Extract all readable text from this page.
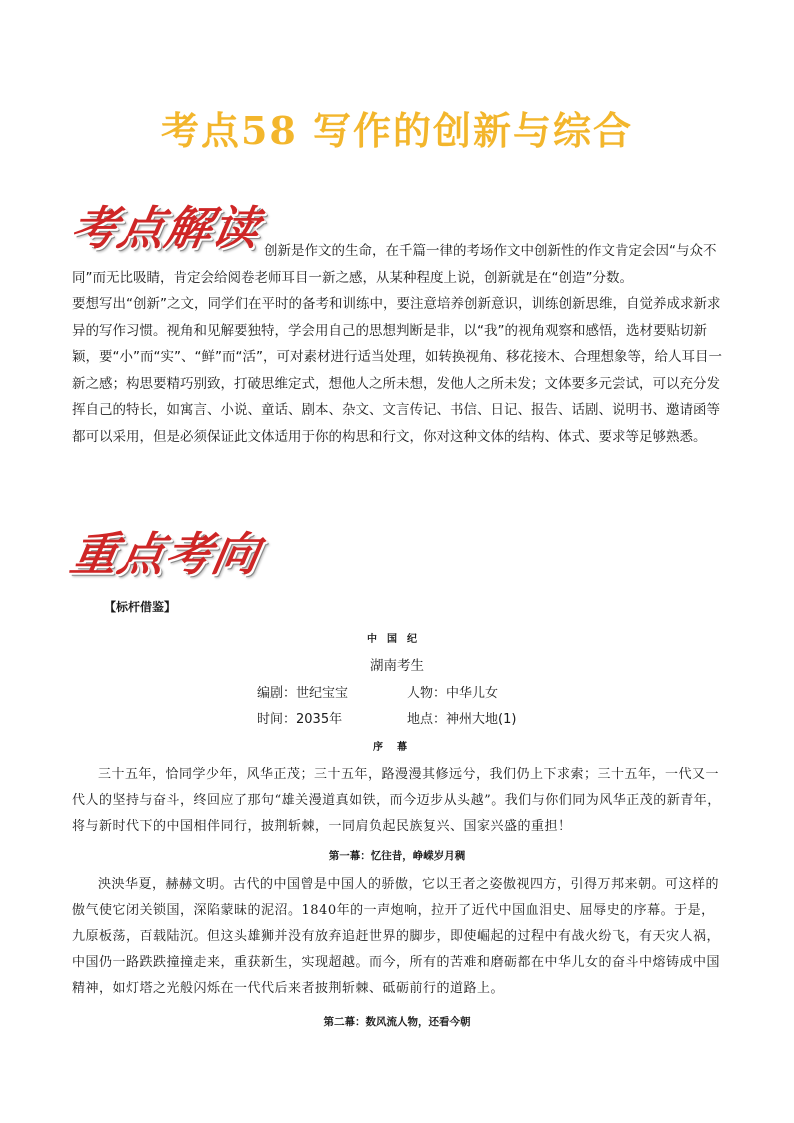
考点58 写作的创新与综合
考点解读 创新是作文的生命，在千篇一律的考场作文中创新性的作文肯定会因“与众不同”而无比吸睛，肯定会给阅卷老师耳目一新之感，从某种程度上说，创新就是在“创造”分数。
要想写出“创新”之文，同学们在平时的备考和训练中，要注意培养创新意识，训练创新思维，自觉养成求新求异的写作习惯。视角和见解要独特，学会用自己的思想判断是非，以“我”的视角观察和感悟，选材要贴切新颖，要“小”而“实”、“鲜”而“活”，可对素材进行适当处理，如转换视角、移花接木、合理想象等，给人耳目一新之感；构思要精巧别致，打破思维定式，想他人之所未想，发他人之所未发；文体要多元尝试，可以充分发挥自己的特长，如寓言、小说、童话、剧本、杂文、文言传记、书信、日记、报告、话剧、说明书、邀请函等都可以采用，但是必须保证此文体适用于你的构思和行文，你对这种文体的结构、体式、要求等足够熟悉。
重点考向
【标杆借鉴】
中国纪
湖南考生
编剧：世纪宝宝	人物：中华儿女
时间：2035年	地点：神州大地(1)
序幕
三十五年，恰同学少年，风华正茂；三十五年，路漫漫其修远兮，我们仍上下求索；三十五年，一代又一代人的坚持与奋斗，终回应了那句“雄关漫道真如铁，而今迈步从头越”。我们与你们同为风华正茂的新青年，将与新时代下的中国相伴同行，披荆斩棘，一同肩负起民族复兴、国家兴盛的重担！
第一幕：忆往昔，峥嵘岁月稠
泱泱华夏，赫赫文明。古代的中国曾是中国人的骄傲，它以王者之姿傲视四方，引得万邦来朝。可这样的傲气使它闭关锁国，深陷蒙昧的泥沼。1840年的一声炮响，拉开了近代中国血泪史、屈辱史的序幕。于是，九原板荡，百载陆沉。但这头雄狮并没有放弃追赶世界的脚步，即使崛起的过程中有战火纷飞，有天灾人祸，中国仍一路跌跌撞撞走来，重获新生，实现超越。而今，所有的苦难和磨砺都在中华儿女的奋斗中熔铸成中国精神，如灯塔之光般闪烁在一代代后来者披荆斩棘、砥砺前行的道路上。
第二幕：数风流人物，还看今朝
